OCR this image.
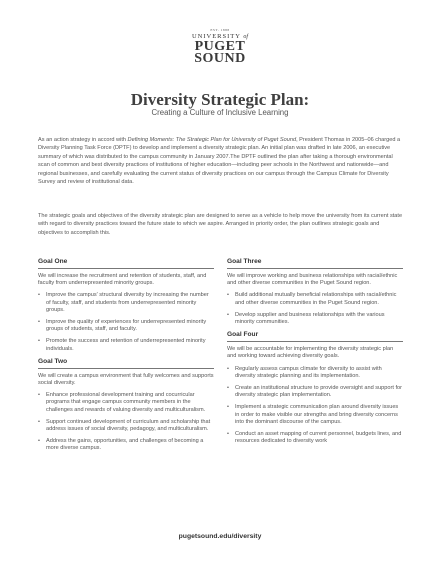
EST. 1888
UNIVERSITY of
PUGET
SOUND
Diversity Strategic Plan:
Creating a Culture of Inclusive Learning

As an action strategy in accord with Defining Moments: The Strategic Plan for University of Puget Sound, President Thomas in 2005–06 charged a Diversity Planning Task Force (DPTF) to develop and implement a diversity strategic plan. An initial plan was drafted in late 2006, an executive summary of which was distributed to the campus community in January 2007.The DPTF outlined the plan after taking a thorough environmental scan of common and best diversity practices of institutions of higher education—including peer schools in the Northwest and nationwide—and regional businesses, and carefully evaluating the current status of diversity practices on our campus through the Campus Climate for Diversity Survey and review of institutional data.

The strategic goals and objectives of the diversity strategic plan are designed to serve as a vehicle to help move the university from its current state with regard to diversity practices toward the future state to which we aspire. Arranged in priority order, the plan outlines strategic goals and objectives to accomplish this.

Goal One
We will increase the recruitment and retention of students, staff, and faculty from underrepresented minority groups.
• Improve the campus' structural diversity by increasing the number of faculty, staff, and students from underrepresented minority groups.
• Improve the quality of experiences for underrepresented minority groups of students, staff, and faculty.
• Promote the success and retention of underrepresented minority individuals.
Goal Two
We will create a campus environment that fully welcomes and supports social diversity.
• Enhance professional development training and cocurricular programs that engage campus community members in the challenges and rewards of valuing diversity and multiculturalism.
• Support continued development of curriculum and scholarship that address issues of social diversity, pedagogy, and multiculturalism.
• Address the gains, opportunities, and challenges of becoming a more diverse campus.
Goal Three
We will improve working and business relationships with racial/ethnic and other diverse communities in the Puget Sound region.
• Build additional mutually beneficial relationships with racial/ethnic and other diverse communities in the Puget Sound region.
• Develop supplier and business relationships with the various minority communities.
Goal Four
We will be accountable for implementing the diversity strategic plan and working toward achieving diversity goals.
• Regularly assess campus climate for diversity to assist with diversity strategic planning and its implementation.
• Create an institutional structure to provide oversight and support for diversity strategic plan implementation.
• Implement a strategic communication plan around diversity issues in order to make visible our strengths and bring diversity concerns into the dominant discourse of the campus.
• Conduct an asset mapping of current personnel, budgets lines, and resources dedicated to diversity work
pugetsound.edu/diversity
